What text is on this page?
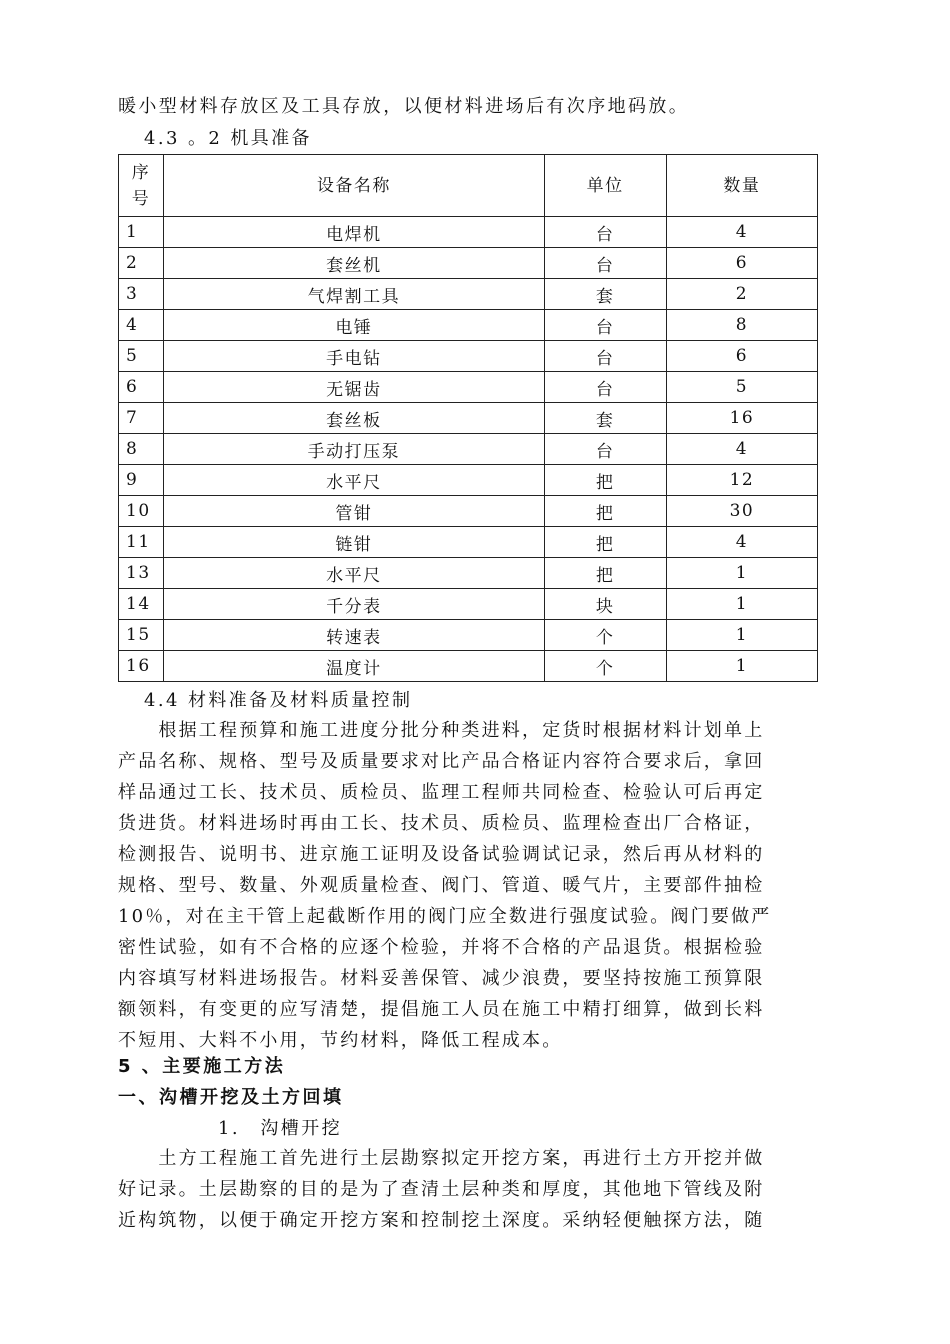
暖小型材料存放区及工具存放，以便材料进场后有次序地码放。
4.3 。2 机具准备
序号	设备名称	单位	数量
1	电焊机	台	4
2	套丝机	台	6
3	气焊割工具	套	2
4	电锤	台	8
5	手电钻	台	6
6	无锯齿	台	5
7	套丝板	套	16
8	手动打压泵	台	4
9	水平尺	把	12
10	管钳	把	30
11	链钳	把	4
13	水平尺	把	1
14	千分表	块	1
15	转速表	个	1
16	温度计	个	1
4.4 材料准备及材料质量控制
　　根据工程预算和施工进度分批分种类进料，定货时根据材料计划单上
产品名称、规格、型号及质量要求对比产品合格证内容符合要求后，拿回
样品通过工长、技术员、质检员、监理工程师共同检查、检验认可后再定
货进货。材料进场时再由工长、技术员、质检员、监理检查出厂合格证，
检测报告、说明书、进京施工证明及设备试验调试记录，然后再从材料的
规格、型号、数量、外观质量检查、阀门、管道、暖气片，主要部件抽检
10％，对在主干管上起截断作用的阀门应全数进行强度试验。阀门要做严
密性试验，如有不合格的应逐个检验，并将不合格的产品退货。根据检验
内容填写材料进场报告。材料妥善保管、减少浪费，要坚持按施工预算限
额领料，有变更的应写清楚，提倡施工人员在施工中精打细算，做到长料
不短用、大料不小用，节约材料，降低工程成本。
5 、主要施工方法
一、沟槽开挖及土方回填
1.　沟槽开挖
　　土方工程施工首先进行土层勘察拟定开挖方案，再进行土方开挖并做
好记录。土层勘察的目的是为了查清土层种类和厚度，其他地下管线及附
近构筑物，以便于确定开挖方案和控制挖土深度。采纳轻便触探方法，随
